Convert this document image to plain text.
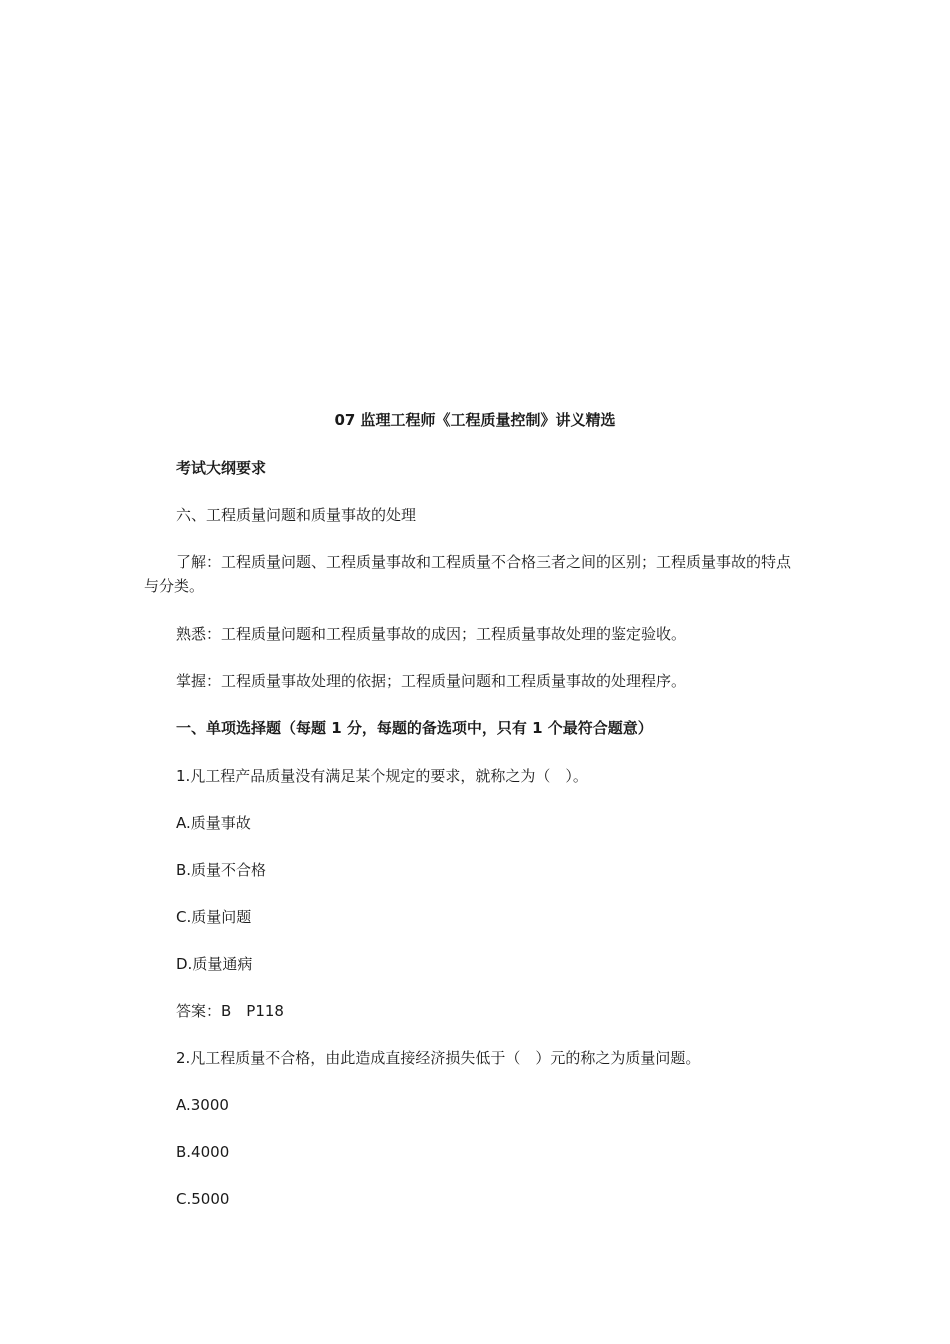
07 监理工程师《工程质量控制》讲义精选

考试大纲要求

六、工程质量问题和质量事故的处理

了解：工程质量问题、工程质量事故和工程质量不合格三者之间的区别；工程质量事故的特点与分类。

熟悉：工程质量问题和工程质量事故的成因；工程质量事故处理的鉴定验收。

掌握：工程质量事故处理的依据；工程质量问题和工程质量事故的处理程序。

一、单项选择题（每题 1 分，每题的备选项中，只有 1 个最符合题意）

1.凡工程产品质量没有满足某个规定的要求，就称之为（　）。

A.质量事故

B.质量不合格

C.质量问题

D.质量通病

答案：B　P118

2.凡工程质量不合格，由此造成直接经济损失低于（　）元的称之为质量问题。

A.3000

B.4000

C.5000
